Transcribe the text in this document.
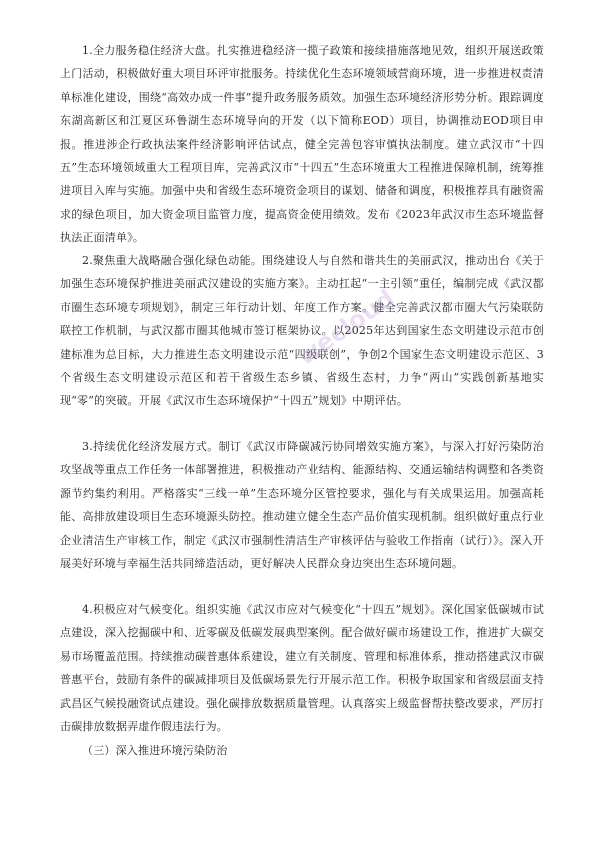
1.全力服务稳住经济大盘。扎实推进稳经济一揽子政策和接续措施落地见效，组织开展送政策上门活动，积极做好重大项目环评审批服务。持续优化生态环境领域营商环境，进一步推进权责清单标准化建设，围绕“高效办成一件事”提升政务服务质效。加强生态环境经济形势分析。跟踪调度东湖高新区和江夏区环鲁湖生态环境导向的开发（以下简称EOD）项目，协调推动EOD项目申报。推进涉企行政执法案件经济影响评估试点，健全完善包容审慎执法制度。建立武汉市“十四五”生态环境领域重大工程项目库，完善武汉市“十四五”生态环境重大工程推进保障机制，统筹推进项目入库与实施。加强中央和省级生态环境资金项目的谋划、储备和调度，积极推荐具有融资需求的绿色项目，加大资金项目监管力度，提高资金使用绩效。发布《2023年武汉市生态环境监督执法正面清单》。

2.聚焦重大战略融合强化绿色动能。围绕建设人与自然和谐共生的美丽武汉，推动出台《关于加强生态环境保护推进美丽武汉建设的实施方案》。主动扛起“一主引领”重任，编制完成《武汉都市圈生态环境专项规划》，制定三年行动计划、年度工作方案。健全完善武汉都市圈大气污染联防联控工作机制，与武汉都市圈其他城市签订框架协议。以2025年达到国家生态文明建设示范市创建标准为总目标，大力推进生态文明建设示范“四级联创”，争创2个国家生态文明建设示范区、3个省级生态文明建设示范区和若干省级生态乡镇、省级生态村，力争“两山”实践创新基地实现“零”的突破。开展《武汉市生态环境保护“十四五”规划》中期评估。

3.持续优化经济发展方式。制订《武汉市降碳减污协同增效实施方案》，与深入打好污染防治攻坚战等重点工作任务一体部署推进，积极推动产业结构、能源结构、交通运输结构调整和各类资源节约集约利用。严格落实“三线一单”生态环境分区管控要求，强化与有关成果运用。加强高耗能、高排放建设项目生态环境源头防控。推动建立健全生态产品价值实现机制。组织做好重点行业企业清洁生产审核工作，制定《武汉市强制性清洁生产审核评估与验收工作指南（试行）》。深入开展美好环境与幸福生活共同缔造活动，更好解决人民群众身边突出生态环境问题。

4.积极应对气候变化。组织实施《武汉市应对气候变化“十四五”规划》。深化国家低碳城市试点建设，深入挖掘碳中和、近零碳及低碳发展典型案例。配合做好碳市场建设工作，推进扩大碳交易市场覆盖范围。持续推动碳普惠体系建设，建立有关制度、管理和标准体系，推动搭建武汉市碳普惠平台，鼓励有条件的碳减排项目及低碳场景先行开展示范工作。积极争取国家和省级层面支持武昌区气候投融资试点建设。强化碳排放数据质量管理。认真落实上级监督帮扶整改要求，严厉打击碳排放数据弄虚作假违法行为。

（三）深入推进环境污染防治

wecloud
